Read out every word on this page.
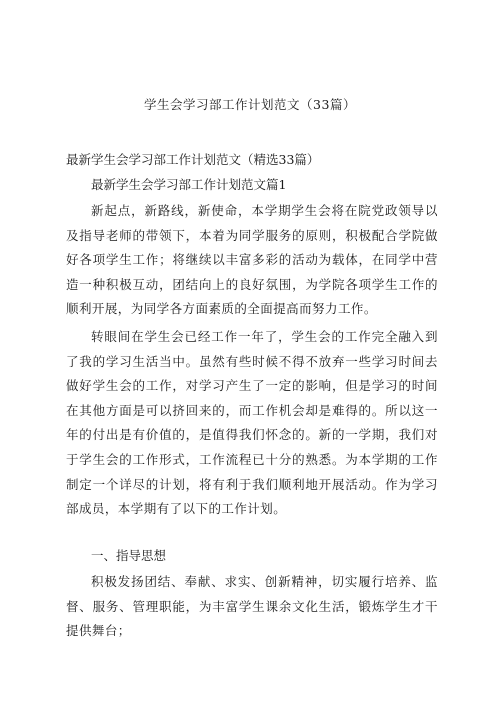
学生会学习部工作计划范文（33篇）
最新学生会学习部工作计划范文（精选33篇）
最新学生会学习部工作计划范文篇1

新起点，新路线，新使命，本学期学生会将在院党政领导以及指导老师的带领下，本着为同学服务的原则，积极配合学院做好各项学生工作；将继续以丰富多彩的活动为载体，在同学中营造一种积极互动，团结向上的良好氛围，为学院各项学生工作的顺利开展，为同学各方面素质的全面提高而努力工作。

转眼间在学生会已经工作一年了，学生会的工作完全融入到了我的学习生活当中。虽然有些时候不得不放弃一些学习时间去做好学生会的工作，对学习产生了一定的影响，但是学习的时间在其他方面是可以挤回来的，而工作机会却是难得的。所以这一年的付出是有价值的，是值得我们怀念的。新的一学期，我们对于学生会的工作形式，工作流程已十分的熟悉。为本学期的工作制定一个详尽的计划，将有利于我们顺利地开展活动。作为学习部成员，本学期有了以下的工作计划。

一、指导思想

积极发扬团结、奉献、求实、创新精神，切实履行培养、监督、服务、管理职能，为丰富学生课余文化生活，锻炼学生才干提供舞台；
